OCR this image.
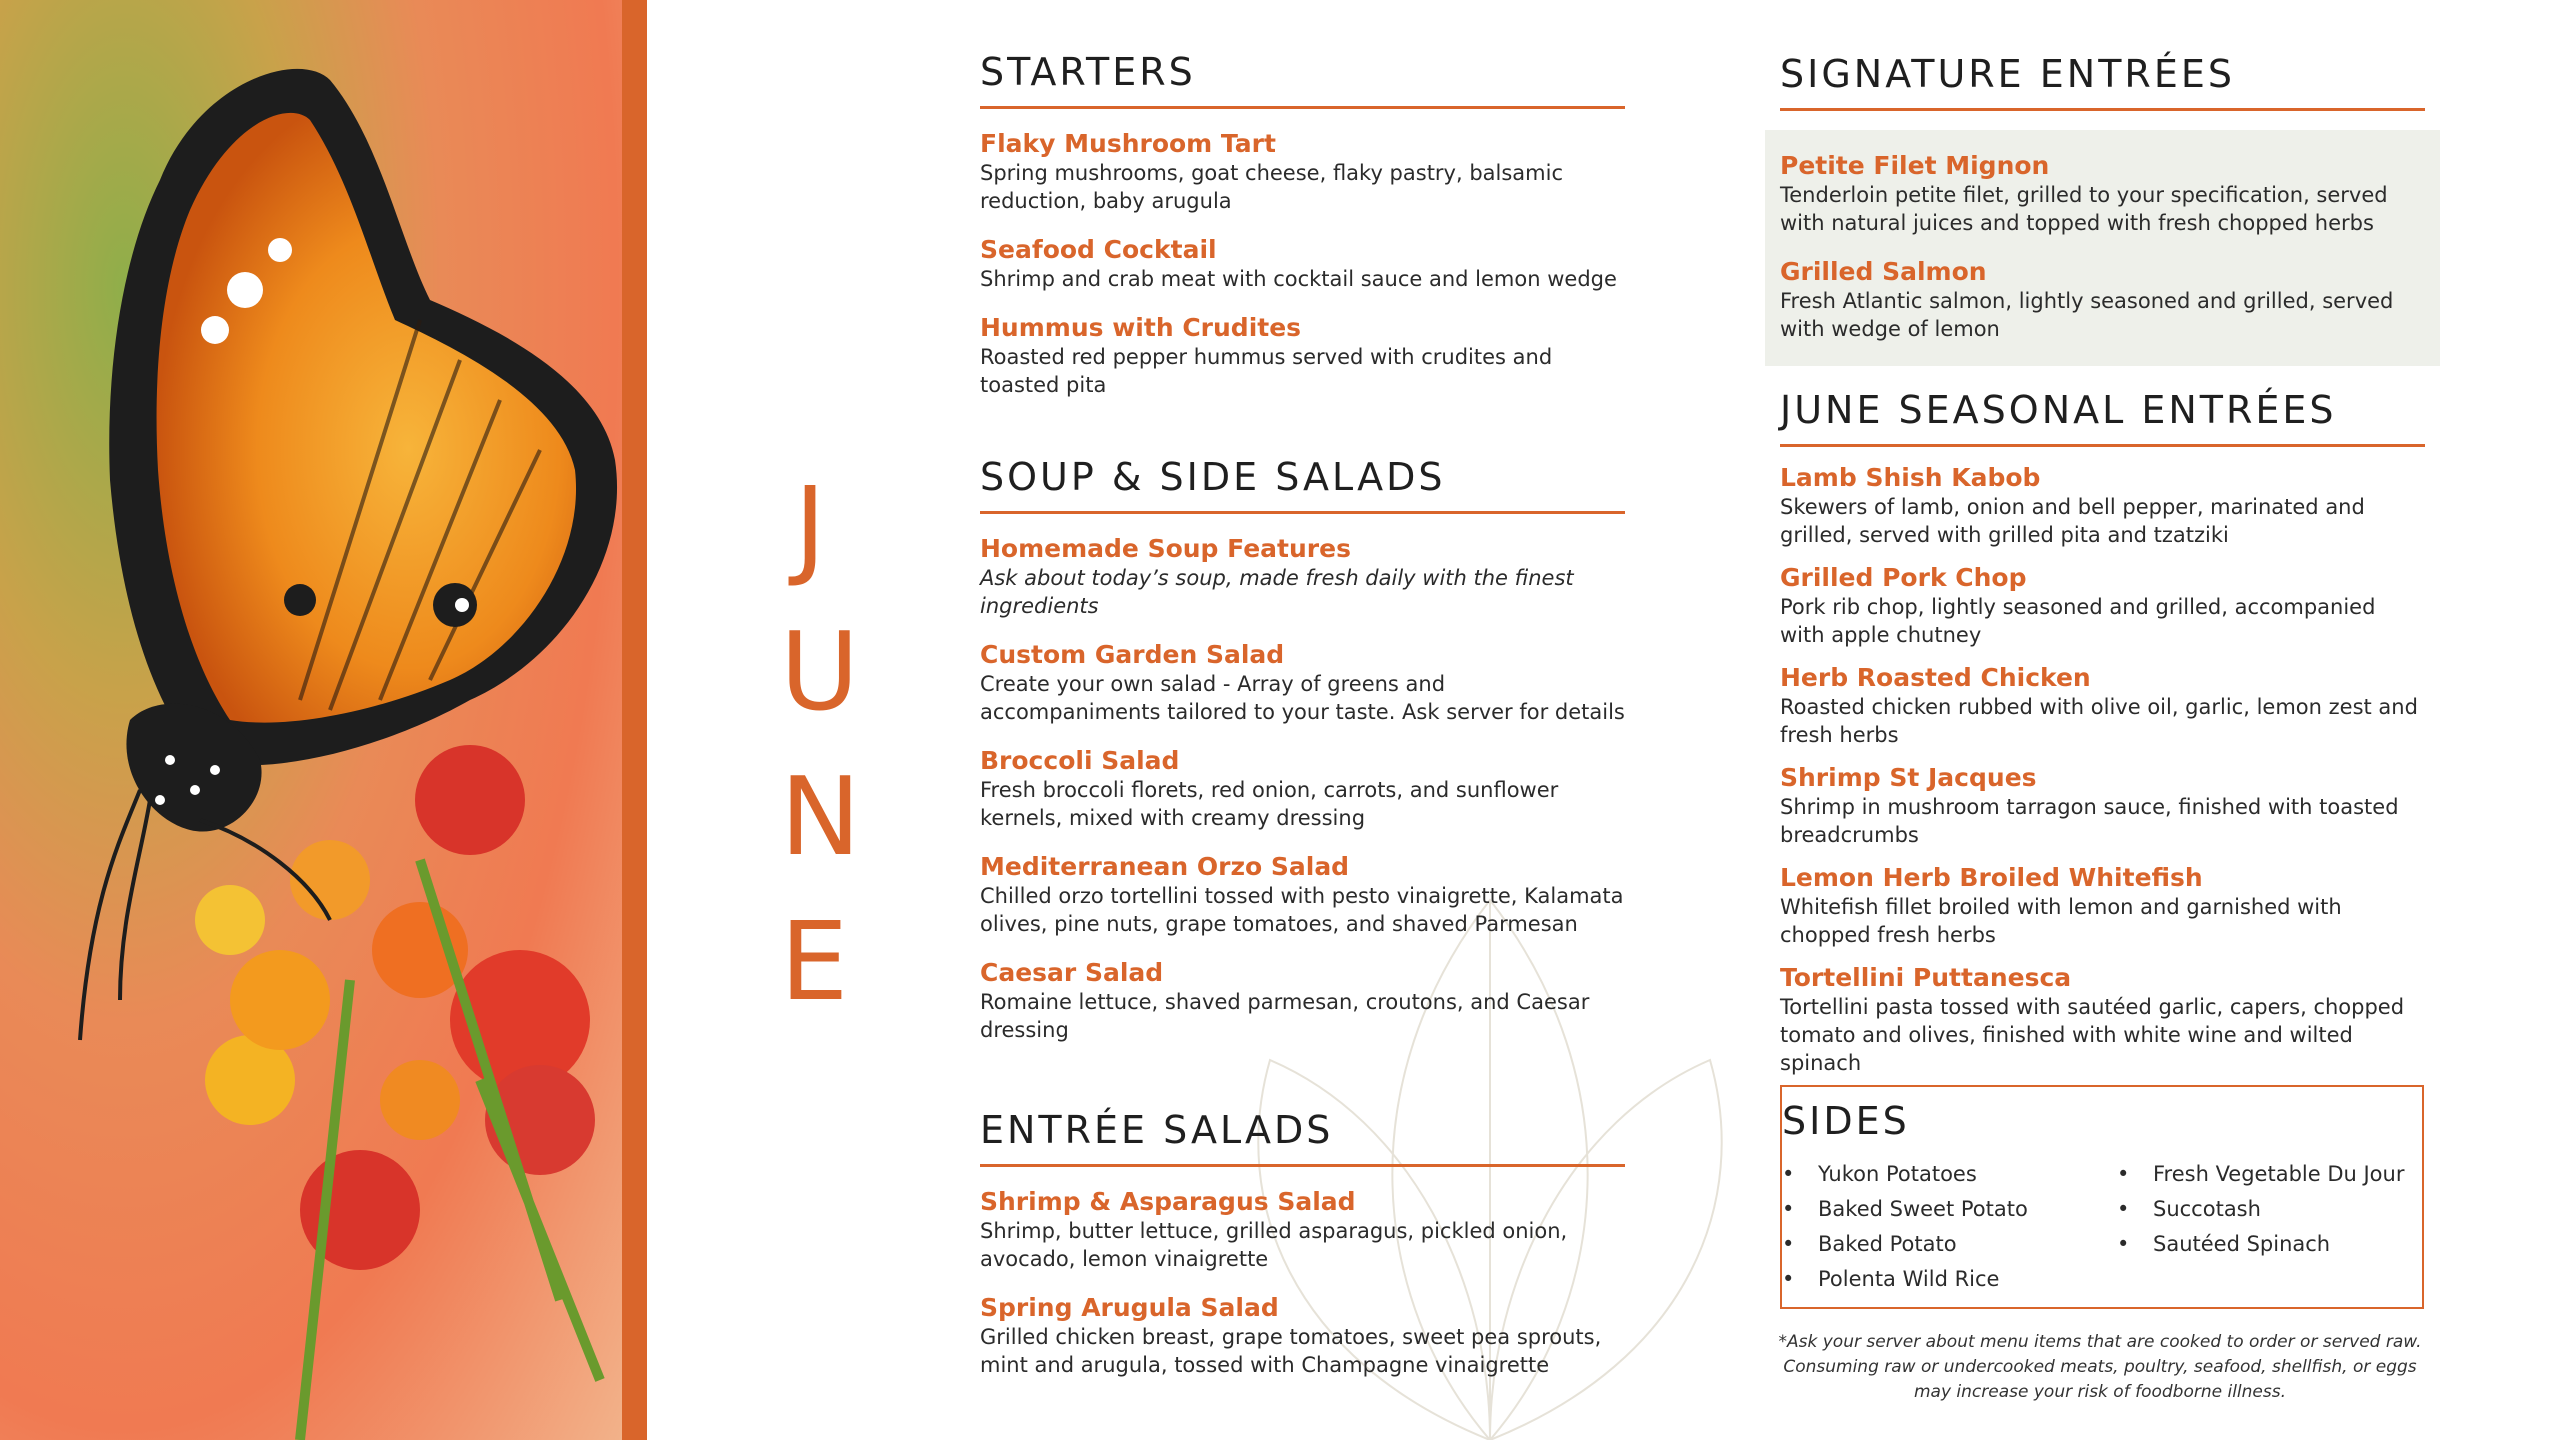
J
U
N
E
STARTERS
Flaky Mushroom Tart
Spring mushrooms, goat cheese, flaky pastry, balsamic reduction, baby arugula
Seafood Cocktail
Shrimp and crab meat with cocktail sauce and lemon wedge
Hummus with Crudites
Roasted red pepper hummus served with crudites and toasted pita
SOUP & SIDE SALADS
Homemade Soup Features
Ask about today’s soup, made fresh daily with the finest ingredients
Custom Garden Salad
Create your own salad - Array of greens and accompaniments tailored to your taste. Ask server for details
Broccoli Salad
Fresh broccoli florets, red onion, carrots, and sunflower kernels, mixed with creamy dressing
Mediterranean Orzo Salad
Chilled orzo tortellini tossed with pesto vinaigrette, Kalamata olives, pine nuts, grape tomatoes, and shaved Parmesan
Caesar Salad
Romaine lettuce, shaved parmesan, croutons, and Caesar dressing
ENTRÉE SALADS
Shrimp & Asparagus Salad
Shrimp, butter lettuce, grilled asparagus, pickled onion, avocado, lemon vinaigrette
Spring Arugula Salad
Grilled chicken breast, grape tomatoes, sweet pea sprouts, mint and arugula, tossed with Champagne vinaigrette
SIGNATURE ENTRÉES
Petite Filet Mignon
Tenderloin petite filet, grilled to your specification, served with natural juices and topped with fresh chopped herbs
Grilled Salmon
Fresh Atlantic salmon, lightly seasoned and grilled, served with wedge of lemon
JUNE SEASONAL ENTRÉES
Lamb Shish Kabob
Skewers of lamb, onion and bell pepper, marinated and grilled, served with grilled pita and tzatziki
Grilled Pork Chop
Pork rib chop, lightly seasoned and grilled, accompanied with apple chutney
Herb Roasted Chicken
Roasted chicken rubbed with olive oil, garlic, lemon zest and fresh herbs
Shrimp St Jacques
Shrimp in mushroom tarragon sauce, finished with toasted breadcrumbs
Lemon Herb Broiled Whitefish
Whitefish fillet broiled with lemon and garnished with chopped fresh herbs
Tortellini Puttanesca
Tortellini pasta tossed with sautéed garlic, capers, chopped tomato and olives, finished with white wine and wilted spinach
SIDES
• Yukon Potatoes
• Baked Sweet Potato
• Baked Potato
• Polenta Wild Rice
• Fresh Vegetable Du Jour
• Succotash
• Sautéed Spinach
*Ask your server about menu items that are cooked to order or served raw. Consuming raw or undercooked meats, poultry, seafood, shellfish, or eggs may increase your risk of foodborne illness.
